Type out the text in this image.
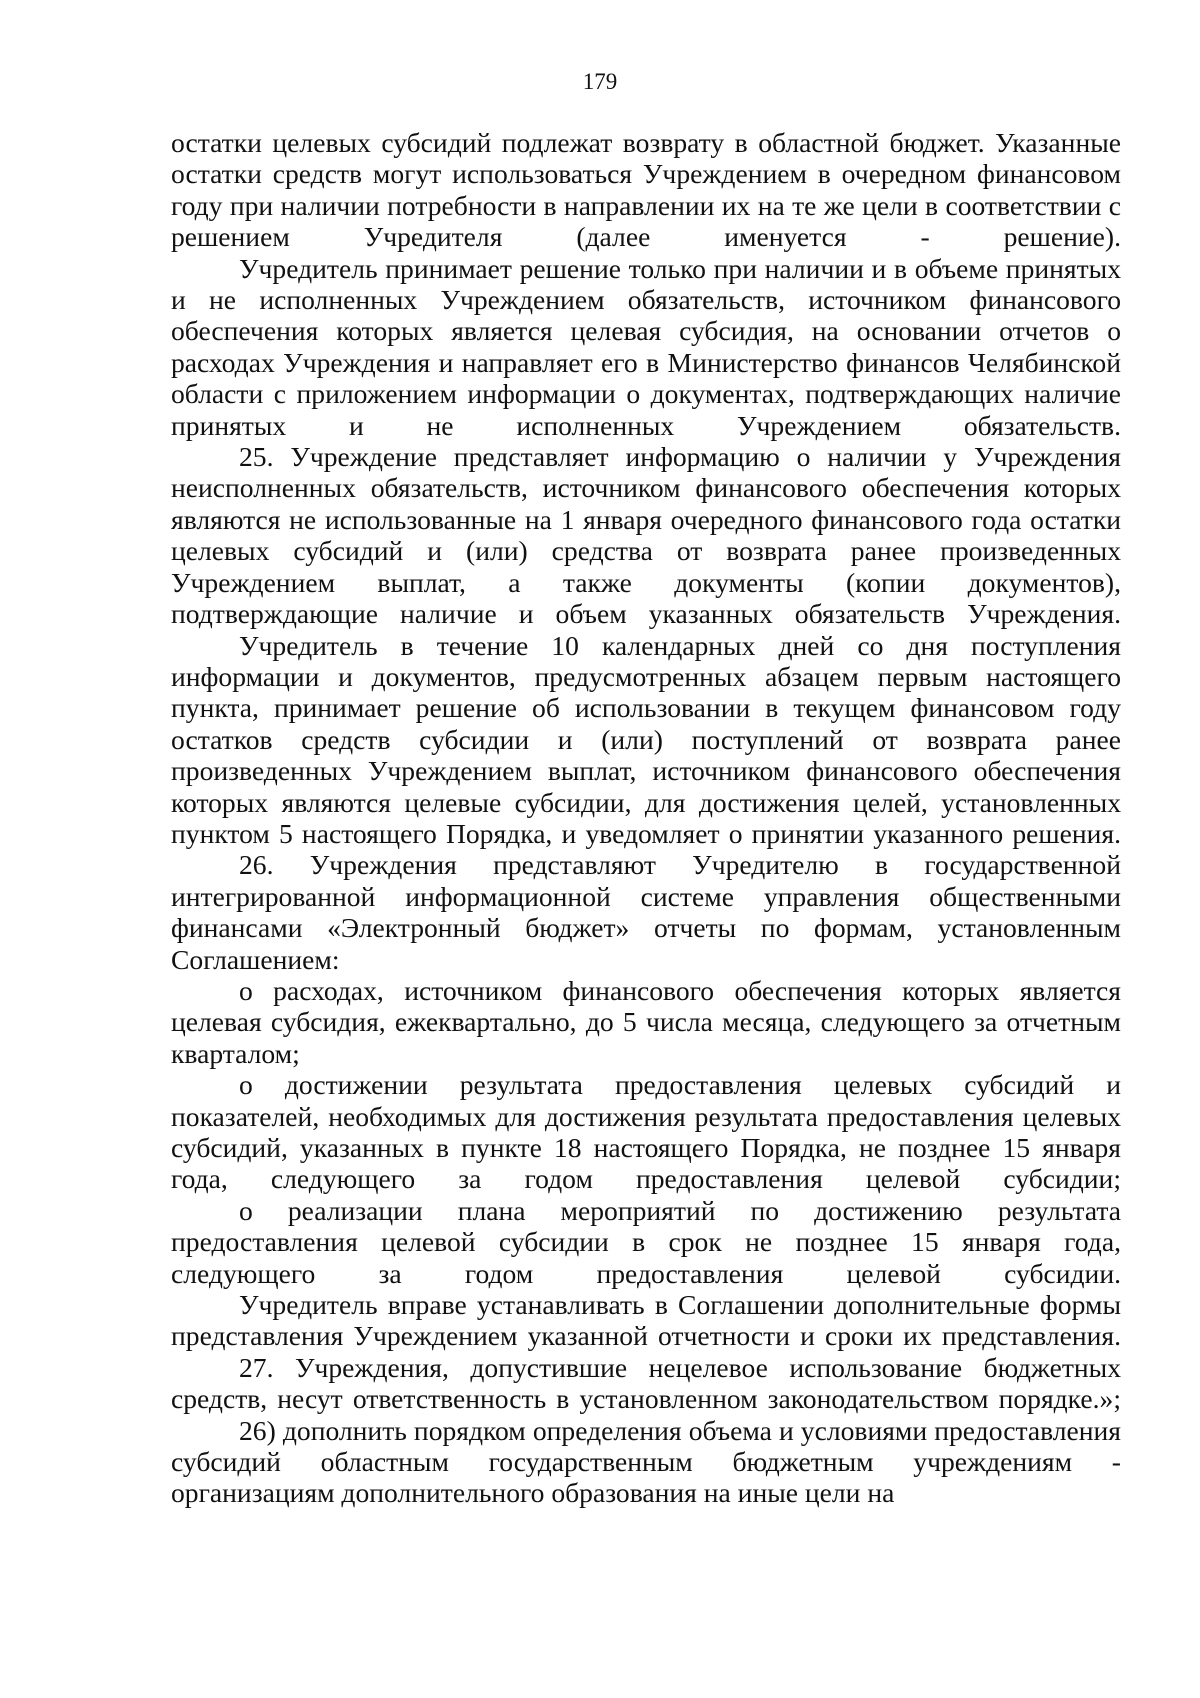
179

остатки целевых субсидий подлежат возврату в областной бюджет. Указанные остатки средств могут использоваться Учреждением в очередном финансовом году при наличии потребности в направлении их на те же цели в соответствии с решением Учредителя (далее именуется - решение).

Учредитель принимает решение только при наличии и в объеме принятых и не исполненных Учреждением обязательств, источником финансового обеспечения которых является целевая субсидия, на основании отчетов о расходах Учреждения и направляет его в Министерство финансов Челябинской области с приложением информации о документах, подтверждающих наличие принятых и не исполненных Учреждением обязательств.

25. Учреждение представляет информацию о наличии у Учреждения неисполненных обязательств, источником финансового обеспечения которых являются не использованные на 1 января очередного финансового года остатки целевых субсидий и (или) средства от возврата ранее произведенных Учреждением выплат, а также документы (копии документов), подтверждающие наличие и объем указанных обязательств Учреждения.

Учредитель в течение 10 календарных дней со дня поступления информации и документов, предусмотренных абзацем первым настоящего пункта, принимает решение об использовании в текущем финансовом году остатков средств субсидии и (или) поступлений от возврата ранее произведенных Учреждением выплат, источником финансового обеспечения которых являются целевые субсидии, для достижения целей, установленных пунктом 5 настоящего Порядка, и уведомляет о принятии указанного решения.

26. Учреждения представляют Учредителю в государственной интегрированной информационной системе управления общественными финансами «Электронный бюджет» отчеты по формам, установленным Соглашением:

о расходах, источником финансового обеспечения которых является целевая субсидия, ежеквартально, до 5 числа месяца, следующего за отчетным кварталом;

о достижении результата предоставления целевых субсидий и показателей, необходимых для достижения результата предоставления целевых субсидий, указанных в пункте 18 настоящего Порядка, не позднее 15 января года, следующего за годом предоставления целевой субсидии;

о реализации плана мероприятий по достижению результата предоставления целевой субсидии в срок не позднее 15 января года, следующего за годом предоставления целевой субсидии.

Учредитель вправе устанавливать в Соглашении дополнительные формы представления Учреждением указанной отчетности и сроки их представления.

27. Учреждения, допустившие нецелевое использование бюджетных средств, несут ответственность в установленном законодательством порядке.»;

26) дополнить порядком определения объема и условиями предоставления субсидий областным государственным бюджетным учреждениям - организациям дополнительного образования на иные цели на
